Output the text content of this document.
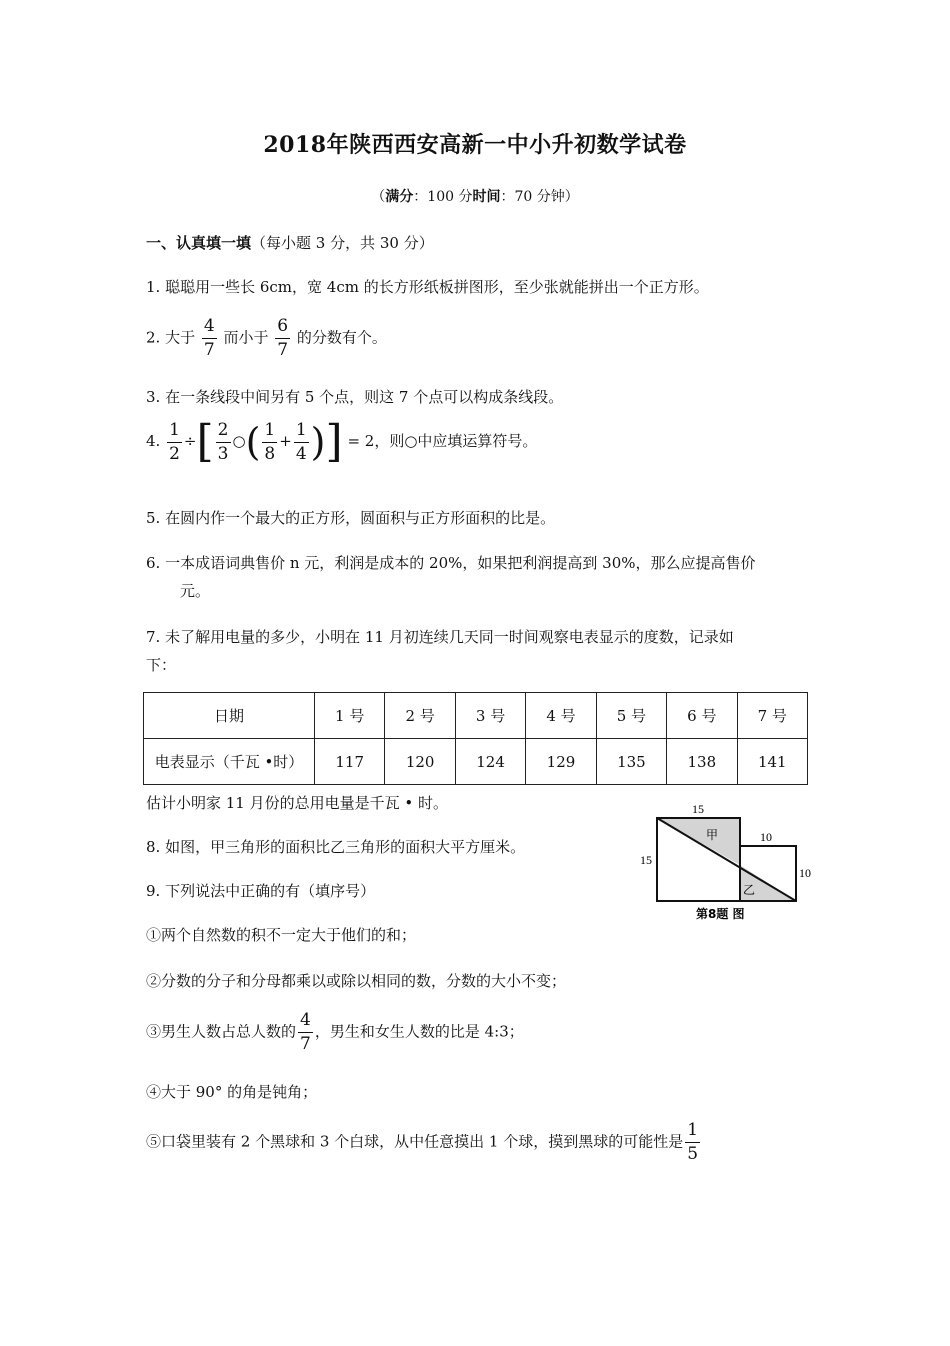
2018年陕西西安高新一中小升初数学试卷
（满分：100 分时间：70 分钟）
一、认真填一填（每小题 3 分，共 30 分）
1. 聪聪用一些长 6cm，宽 4cm 的长方形纸板拼图形，至少张就能拼出一个正方形。
2. 大于 $\frac{4}{7}$ 而小于 $\frac{6}{7}$ 的分数有个。
3. 在一条线段中间另有 5 个点，则这 7 个点可以构成条线段。
4. $\frac{1}{2}$ ÷[ $\frac{2}{3}$ ○( $\frac{1}{8} + \frac{1}{4}$ )] = 2，则○中应填运算符号。
5. 在圆内作一个最大的正方形，圆面积与正方形面积的比是。
6. 一本成语词典售价 n 元，利润是成本的 20%，如果把利润提高到 30%，那么应提高售价
元。
7. 未了解用电量的多少，小明在 11 月初连续几天同一时间观察电表显示的度数，记录如
下：
日期	1 号	2 号	3 号	4 号	5 号	6 号	7 号
电表显示（千瓦 •时）	117	120	124	129	135	138	141
估计小明家 11 月份的总用电量是千瓦 • 时。
8. 如图，甲三角形的面积比乙三角形的面积大平方厘米。
9. 下列说法中正确的有（填序号）
15
15
10
10
甲
乙
第8题 图
①两个自然数的积不一定大于他们的和；
②分数的分子和分母都乘以或除以相同的数，分数的大小不变；
③男生人数占总人数的 $\frac{4}{7}$ ，男生和女生人数的比是 4:3；
④大于 90° 的角是钝角；
⑤口袋里装有 2 个黑球和 3 个白球，从中任意摸出 1 个球，摸到黑球的可能性是 $\frac{1}{5}$
